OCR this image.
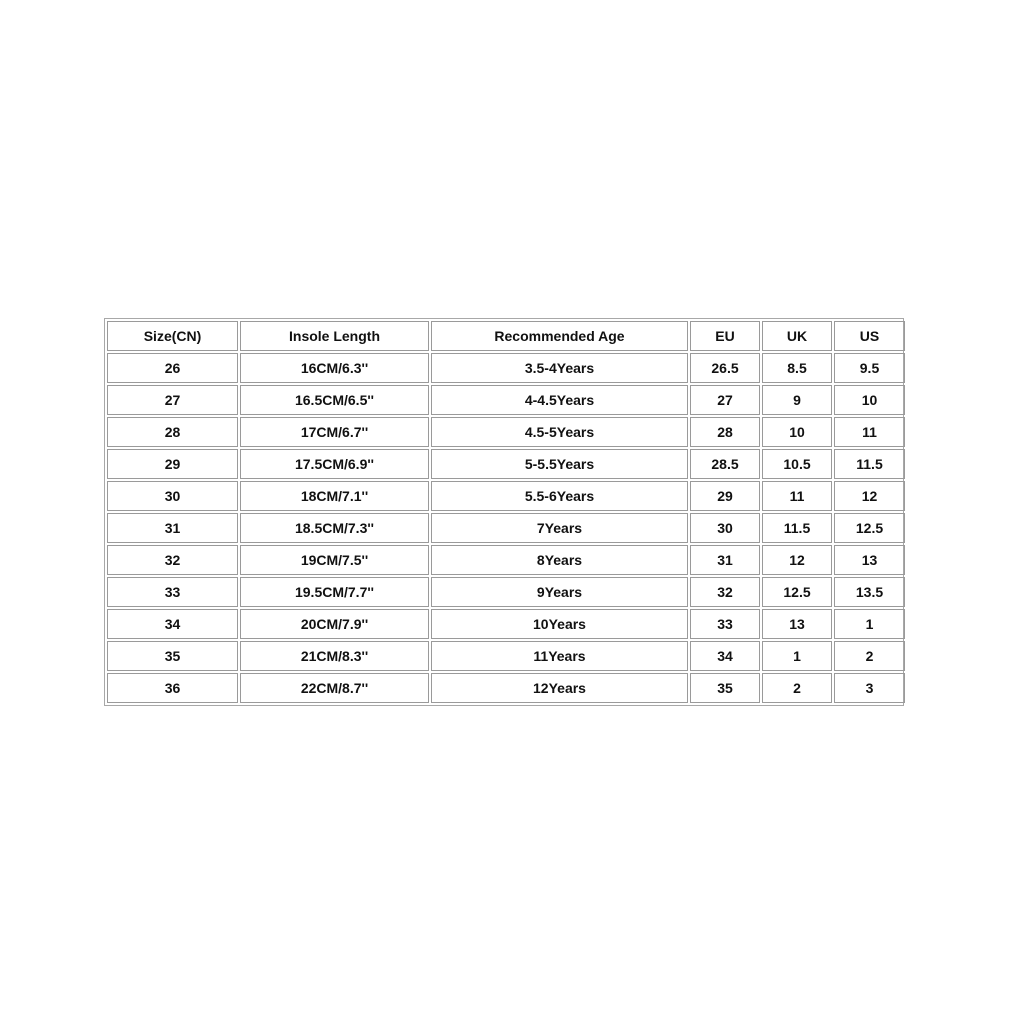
Size(CN)	Insole Length	Recommended Age	EU	UK	US
26	16CM/6.3''	3.5-4Years	26.5	8.5	9.5
27	16.5CM/6.5''	4-4.5Years	27	9	10
28	17CM/6.7''	4.5-5Years	28	10	11
29	17.5CM/6.9''	5-5.5Years	28.5	10.5	11.5
30	18CM/7.1''	5.5-6Years	29	11	12
31	18.5CM/7.3''	7Years	30	11.5	12.5
32	19CM/7.5''	8Years	31	12	13
33	19.5CM/7.7''	9Years	32	12.5	13.5
34	20CM/7.9''	10Years	33	13	1
35	21CM/8.3''	11Years	34	1	2
36	22CM/8.7''	12Years	35	2	3
